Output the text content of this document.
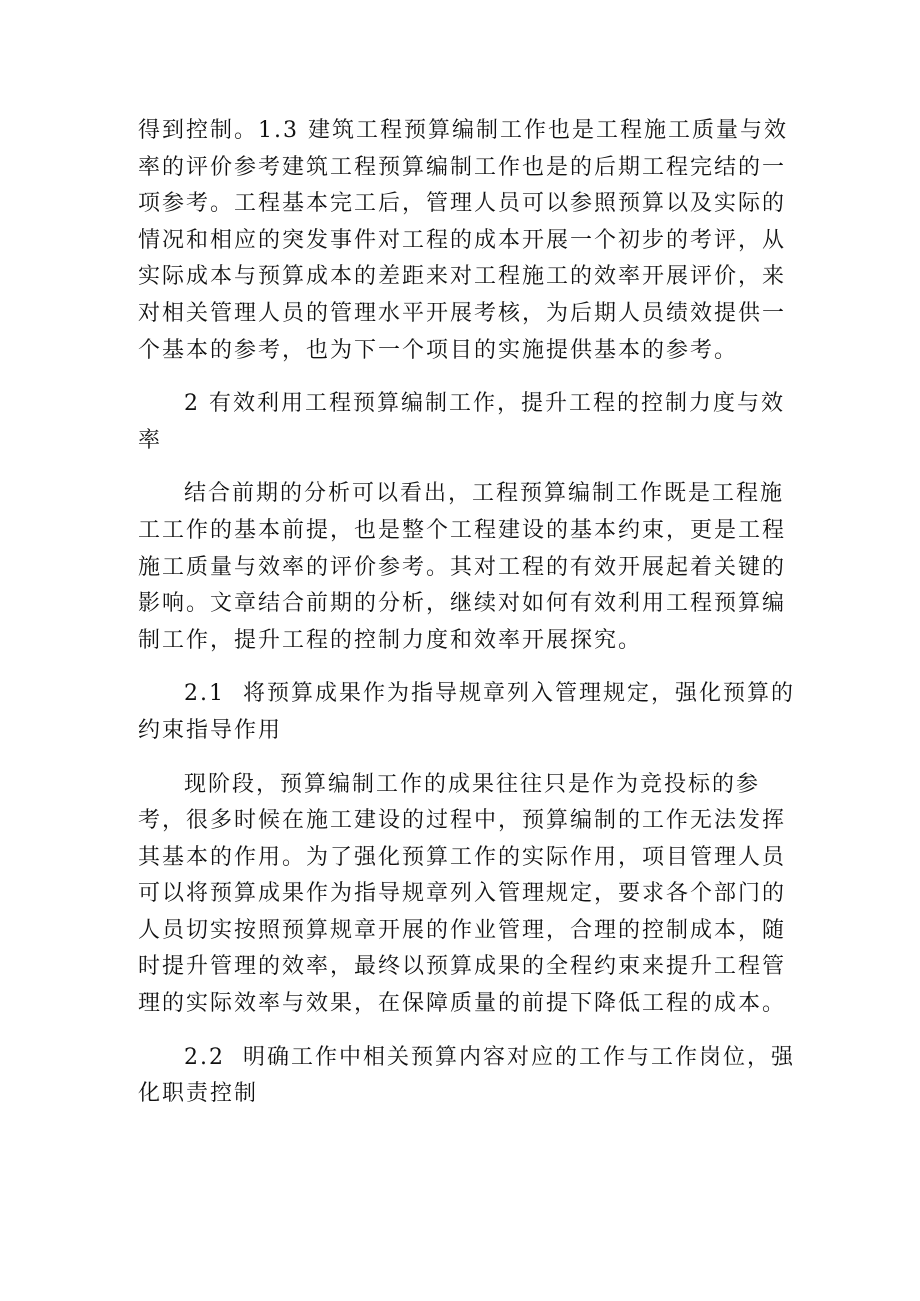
得到控制。1.3 建筑工程预算编制工作也是工程施工质量与效率的评价参考建筑工程预算编制工作也是的后期工程完结的一项参考。工程基本完工后，管理人员可以参照预算以及实际的情况和相应的突发事件对工程的成本开展一个初步的考评，从实际成本与预算成本的差距来对工程施工的效率开展评价，来对相关管理人员的管理水平开展考核，为后期人员绩效提供一个基本的参考，也为下一个项目的实施提供基本的参考。

2 有效利用工程预算编制工作，提升工程的控制力度与效率

结合前期的分析可以看出，工程预算编制工作既是工程施工工作的基本前提，也是整个工程建设的基本约束，更是工程施工质量与效率的评价参考。其对工程的有效开展起着关键的影响。文章结合前期的分析，继续对如何有效利用工程预算编制工作，提升工程的控制力度和效率开展探究。

2.1 将预算成果作为指导规章列入管理规定，强化预算的约束指导作用

现阶段，预算编制工作的成果往往只是作为竞投标的参考，很多时候在施工建设的过程中，预算编制的工作无法发挥其基本的作用。为了强化预算工作的实际作用，项目管理人员可以将预算成果作为指导规章列入管理规定，要求各个部门的人员切实按照预算规章开展的作业管理，合理的控制成本，随时提升管理的效率，最终以预算成果的全程约束来提升工程管理的实际效率与效果，在保障质量的前提下降低工程的成本。

2.2 明确工作中相关预算内容对应的工作与工作岗位，强化职责控制
